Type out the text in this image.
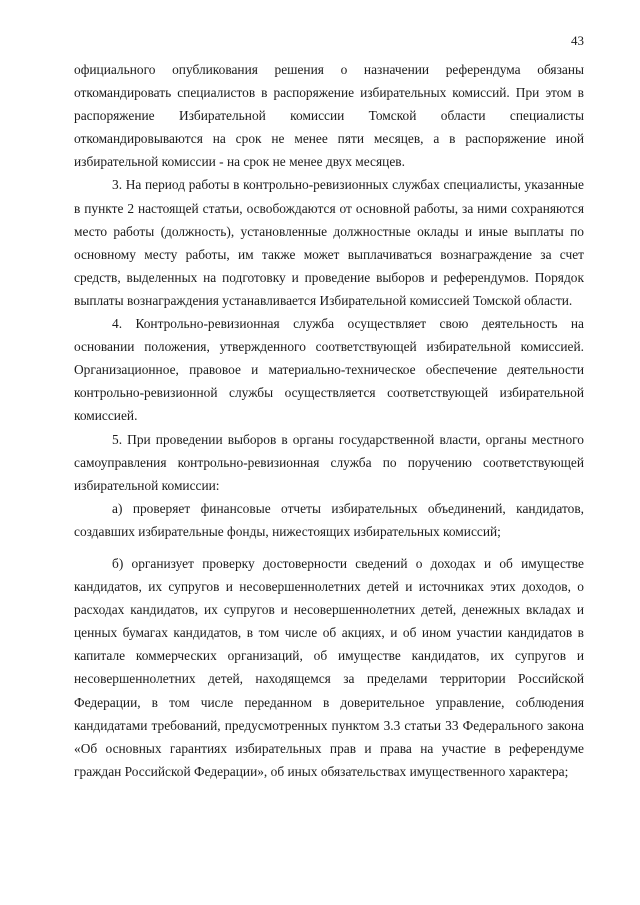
43

официального опубликования решения о назначении референдума обязаны откомандировать специалистов в распоряжение избирательных комиссий. При этом в распоряжение Избирательной комиссии Томской области специалисты откомандировываются на срок не менее пяти месяцев, а в распоряжение иной избирательной комиссии - на срок не менее двух месяцев.

3. На период работы в контрольно-ревизионных службах специалисты, указанные в пункте 2 настоящей статьи, освобождаются от основной работы, за ними сохраняются место работы (должность), установленные должностные оклады и иные выплаты по основному месту работы, им также может выплачиваться вознаграждение за счет средств, выделенных на подготовку и проведение выборов и референдумов. Порядок выплаты вознаграждения устанавливается Избирательной комиссией Томской области.

4. Контрольно-ревизионная служба осуществляет свою деятельность на основании положения, утвержденного соответствующей избирательной комиссией. Организационное, правовое и материально-техническое обеспечение деятельности контрольно-ревизионной службы осуществляется соответствующей избирательной комиссией.

5. При проведении выборов в органы государственной власти, органы местного самоуправления контрольно-ревизионная служба по поручению соответствующей избирательной комиссии:

а) проверяет финансовые отчеты избирательных объединений, кандидатов, создавших избирательные фонды, нижестоящих избирательных комиссий;

б) организует проверку достоверности сведений о доходах и об имуществе кандидатов, их супругов и несовершеннолетних детей и источниках этих доходов, о расходах кандидатов, их супругов и несовершеннолетних детей, денежных вкладах и ценных бумагах кандидатов, в том числе об акциях, и об ином участии кандидатов в капитале коммерческих организаций, об имуществе кандидатов, их супругов и несовершеннолетних детей, находящемся за пределами территории Российской Федерации, в том числе переданном в доверительное управление, соблюдения кандидатами требований, предусмотренных пунктом 3.3 статьи 33 Федерального закона «Об основных гарантиях избирательных прав и права на участие в референдуме граждан Российской Федерации», об иных обязательствах имущественного характера;
